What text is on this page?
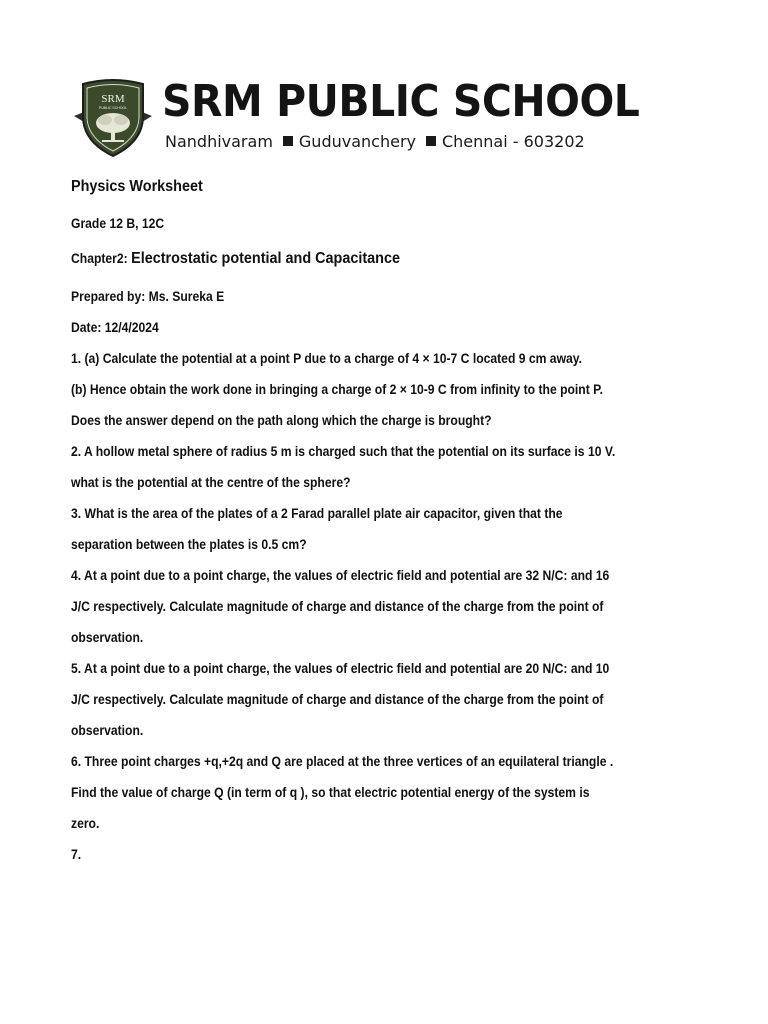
SRM
PUBLIC SCHOOL SRM PUBLIC SCHOOL
Nandhivaram Guduvanchery Chennai - 603202
Physics Worksheet
Grade 12 B, 12C
Chapter2: Electrostatic potential and Capacitance
Prepared by: Ms. Sureka E
Date: 12/4/2024
1. (a) Calculate the potential at a point P due to a charge of 4 × 10-7 C located 9 cm away.
(b) Hence obtain the work done in bringing a charge of 2 × 10-9 C from infinity to the point P.
Does the answer depend on the path along which the charge is brought?
2. A hollow metal sphere of radius 5 m is charged such that the potential on its surface is 10 V.
what is the potential at the centre of the sphere?
3. What is the area of the plates of a 2 Farad parallel plate air capacitor, given that the
separation between the plates is 0.5 cm?
4. At a point due to a point charge, the values of electric field and potential are 32 N/C: and 16
J/C respectively. Calculate magnitude of charge and distance of the charge from the point of
observation.
5. At a point due to a point charge, the values of electric field and potential are 20 N/C: and 10
J/C respectively. Calculate magnitude of charge and distance of the charge from the point of
observation.
6. Three point charges +q,+2q and Q are placed at the three vertices of an equilateral triangle .
Find the value of charge Q (in term of q ), so that electric potential energy of the system is
zero.
7.
